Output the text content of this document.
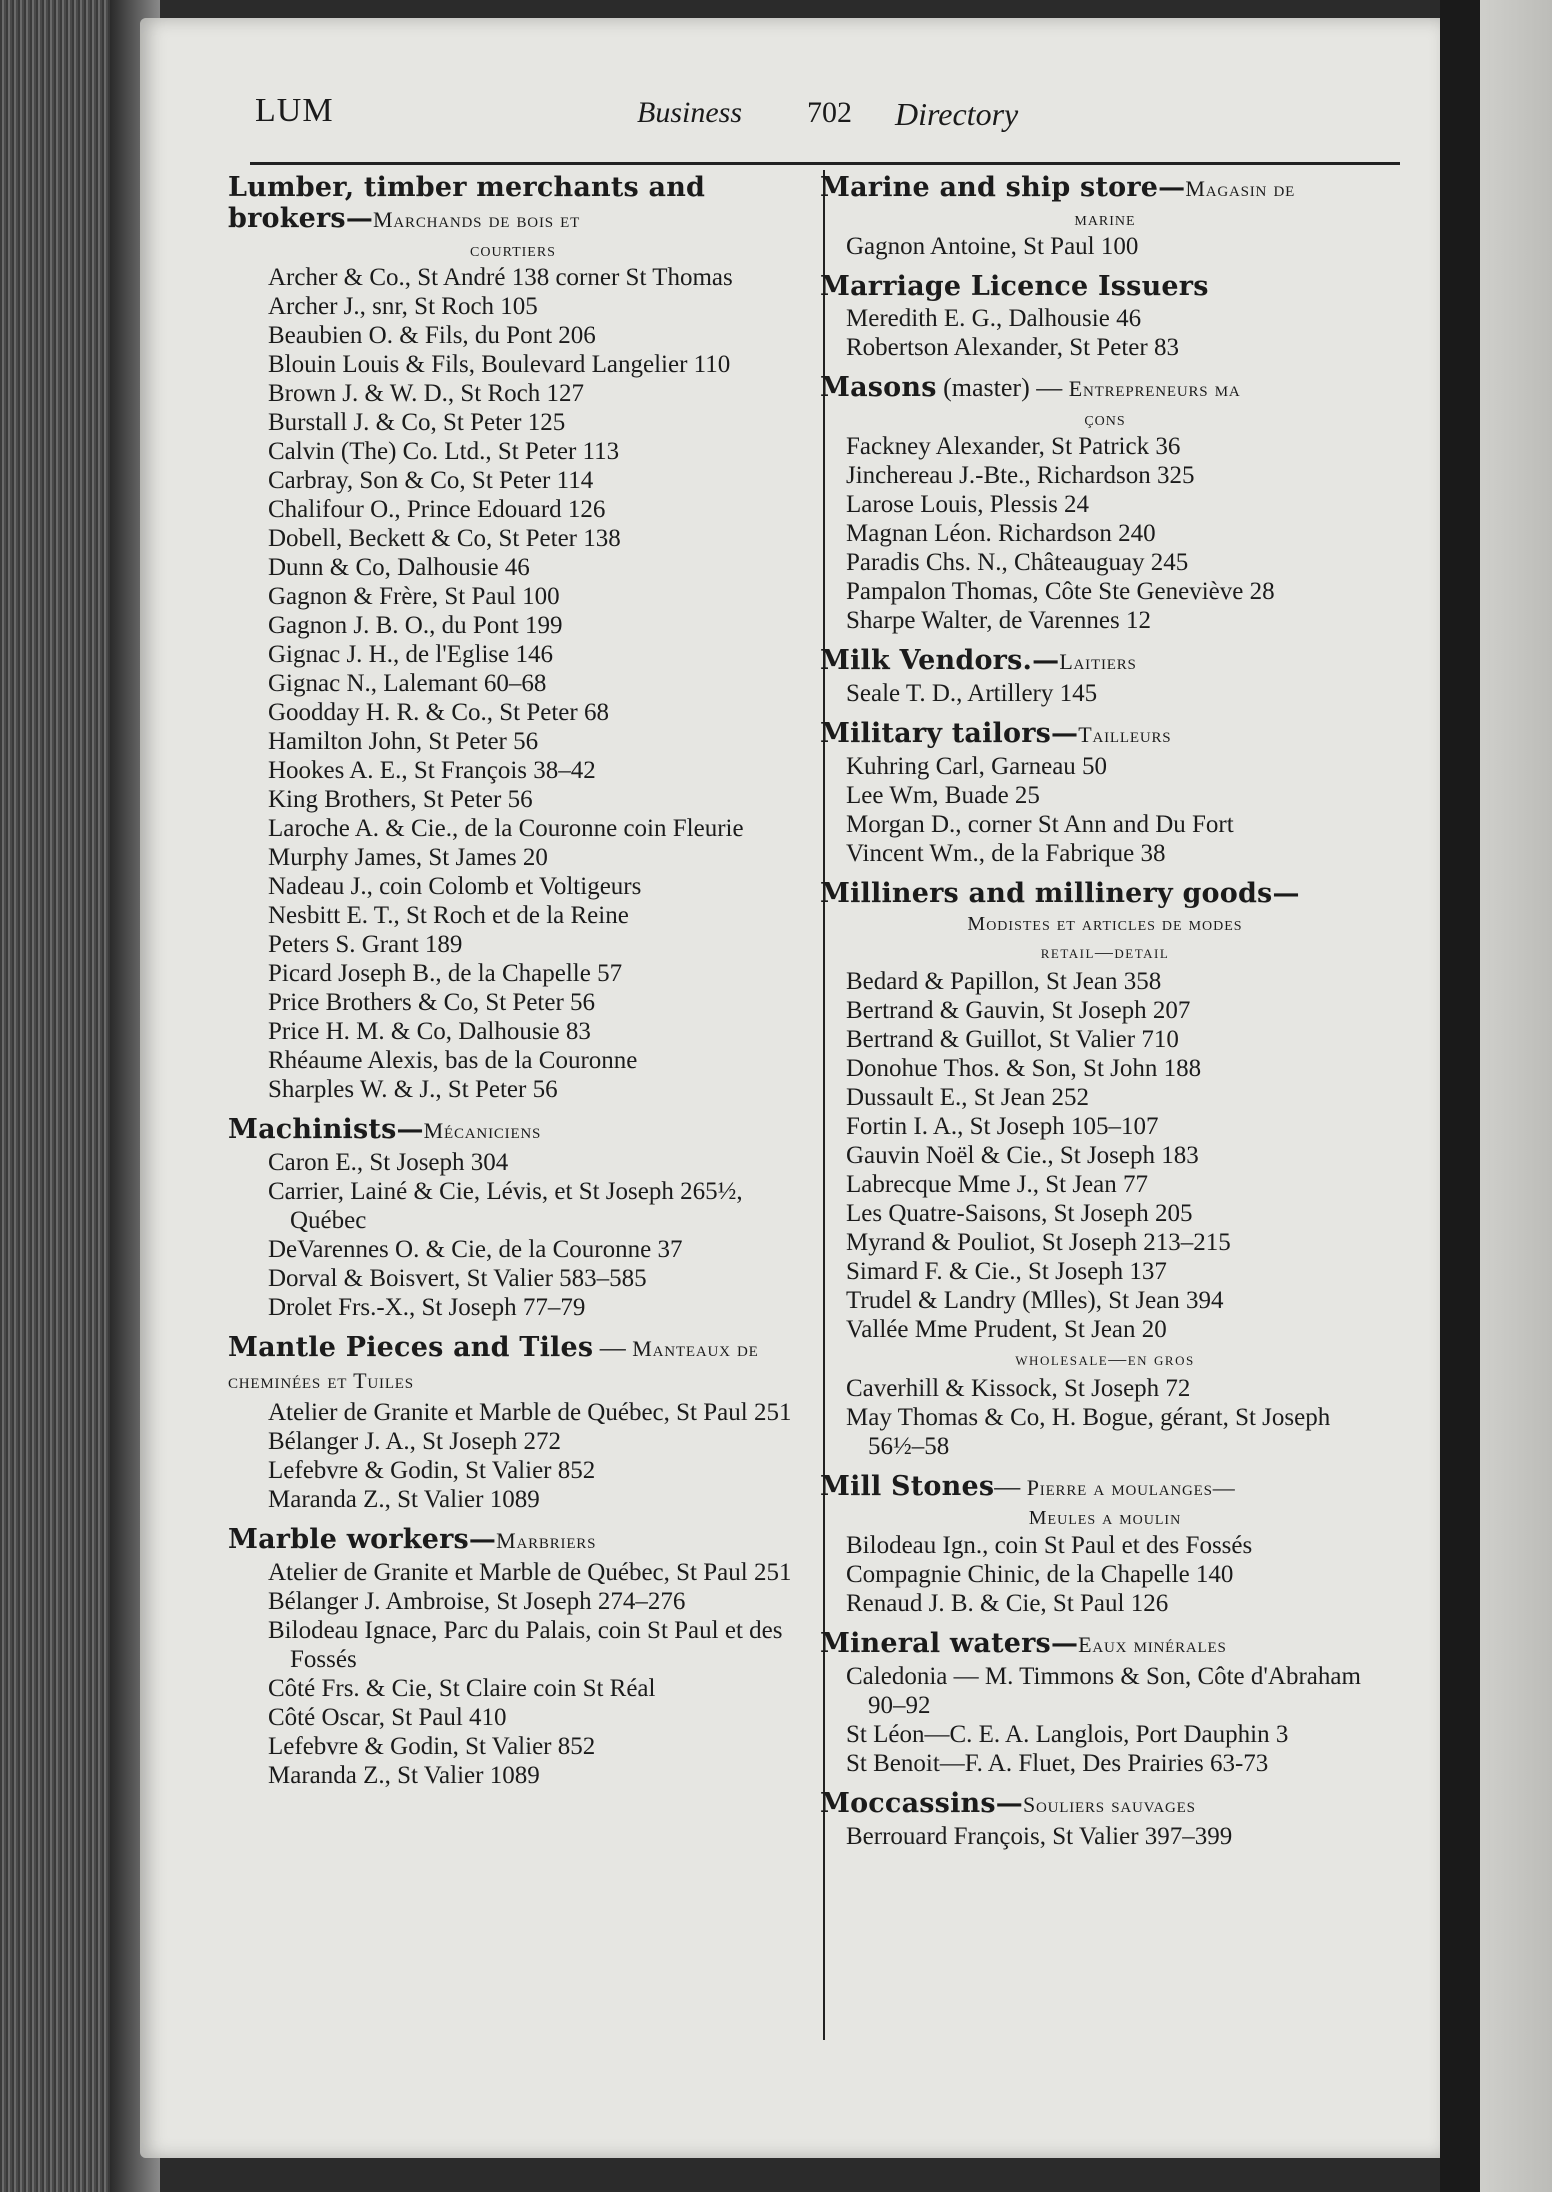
LUM	Business 702 Directory
Lumber, timber merchants and brokers—Marchands de bois et
courtiers

Archer & Co., St André 138 corner St Thomas

Archer J., snr, St Roch 105

Beaubien O. & Fils, du Pont 206

Blouin Louis & Fils, Boulevard Langelier 110

Brown J. & W. D., St Roch 127

Burstall J. & Co, St Peter 125

Calvin (The) Co. Ltd., St Peter 113

Carbray, Son & Co, St Peter 114

Chalifour O., Prince Edouard 126

Dobell, Beckett & Co, St Peter 138

Dunn & Co, Dalhousie 46

Gagnon & Frère, St Paul 100

Gagnon J. B. O., du Pont 199

Gignac J. H., de l'Eglise 146

Gignac N., Lalemant 60–68

Goodday H. R. & Co., St Peter 68

Hamilton John, St Peter 56

Hookes A. E., St François 38–42

King Brothers, St Peter 56

Laroche A. & Cie., de la Couronne coin Fleurie

Murphy James, St James 20

Nadeau J., coin Colomb et Voltigeurs

Nesbitt E. T., St Roch et de la Reine

Peters S. Grant 189

Picard Joseph B., de la Chapelle 57

Price Brothers & Co, St Peter 56

Price H. M. & Co, Dalhousie 83

Rhéaume Alexis, bas de la Couronne

Sharples W. & J., St Peter 56

Machinists—Mécaniciens

Caron E., St Joseph 304

Carrier, Lainé & Cie, Lévis, et St Joseph 265½, Québec

DeVarennes O. & Cie, de la Couronne 37

Dorval & Boisvert, St Valier 583–585

Drolet Frs.-X., St Joseph 77–79

Mantle Pieces and Tiles — Manteaux de cheminées et Tuiles

Atelier de Granite et Marble de Québec, St Paul 251

Bélanger J. A., St Joseph 272

Lefebvre & Godin, St Valier 852

Maranda Z., St Valier 1089

Marble workers—Marbriers

Atelier de Granite et Marble de Québec, St Paul 251

Bélanger J. Ambroise, St Joseph 274–276

Bilodeau Ignace, Parc du Palais, coin St Paul et des Fossés

Côté Frs. & Cie, St Claire coin St Réal

Côté Oscar, St Paul 410

Lefebvre & Godin, St Valier 852

Maranda Z., St Valier 1089

Marine and ship store—Magasin de
marine

Gagnon Antoine, St Paul 100

Marriage Licence Issuers

Meredith E. G., Dalhousie 46

Robertson Alexander, St Peter 83

Masons (master) — Entrepreneurs ma
çons

Fackney Alexander, St Patrick 36

Jinchereau J.-Bte., Richardson 325

Larose Louis, Plessis 24

Magnan Léon. Richardson 240

Paradis Chs. N., Châteauguay 245

Pampalon Thomas, Côte Ste Geneviève 28

Sharpe Walter, de Varennes 12

Milk Vendors.—Laitiers

Seale T. D., Artillery 145

Military tailors—Tailleurs

Kuhring Carl, Garneau 50

Lee Wm, Buade 25

Morgan D., corner St Ann and Du Fort

Vincent Wm., de la Fabrique 38

Milliners and millinery goods—
Modistes et articles de modes
retail—detail

Bedard & Papillon, St Jean 358

Bertrand & Gauvin, St Joseph 207

Bertrand & Guillot, St Valier 710

Donohue Thos. & Son, St John 188

Dussault E., St Jean 252

Fortin I. A., St Joseph 105–107

Gauvin Noël & Cie., St Joseph 183

Labrecque Mme J., St Jean 77

Les Quatre-Saisons, St Joseph 205

Myrand & Pouliot, St Joseph 213–215

Simard F. & Cie., St Joseph 137

Trudel & Landry (Mlles), St Jean 394

Vallée Mme Prudent, St Jean 20

wholesale—en gros

Caverhill & Kissock, St Joseph 72

May Thomas & Co, H. Bogue, gérant, St Joseph 56½–58

Mill Stones— Pierre a moulanges—
Meules a moulin

Bilodeau Ign., coin St Paul et des Fossés

Compagnie Chinic, de la Chapelle 140

Renaud J. B. & Cie, St Paul 126

Mineral waters—Eaux minérales

Caledonia — M. Timmons & Son, Côte d'Abraham 90–92

St Léon—C. E. A. Langlois, Port Dauphin 3

St Benoit—F. A. Fluet, Des Prairies 63-73

Moccassins—Souliers sauvages

Berrouard François, St Valier 397–399
